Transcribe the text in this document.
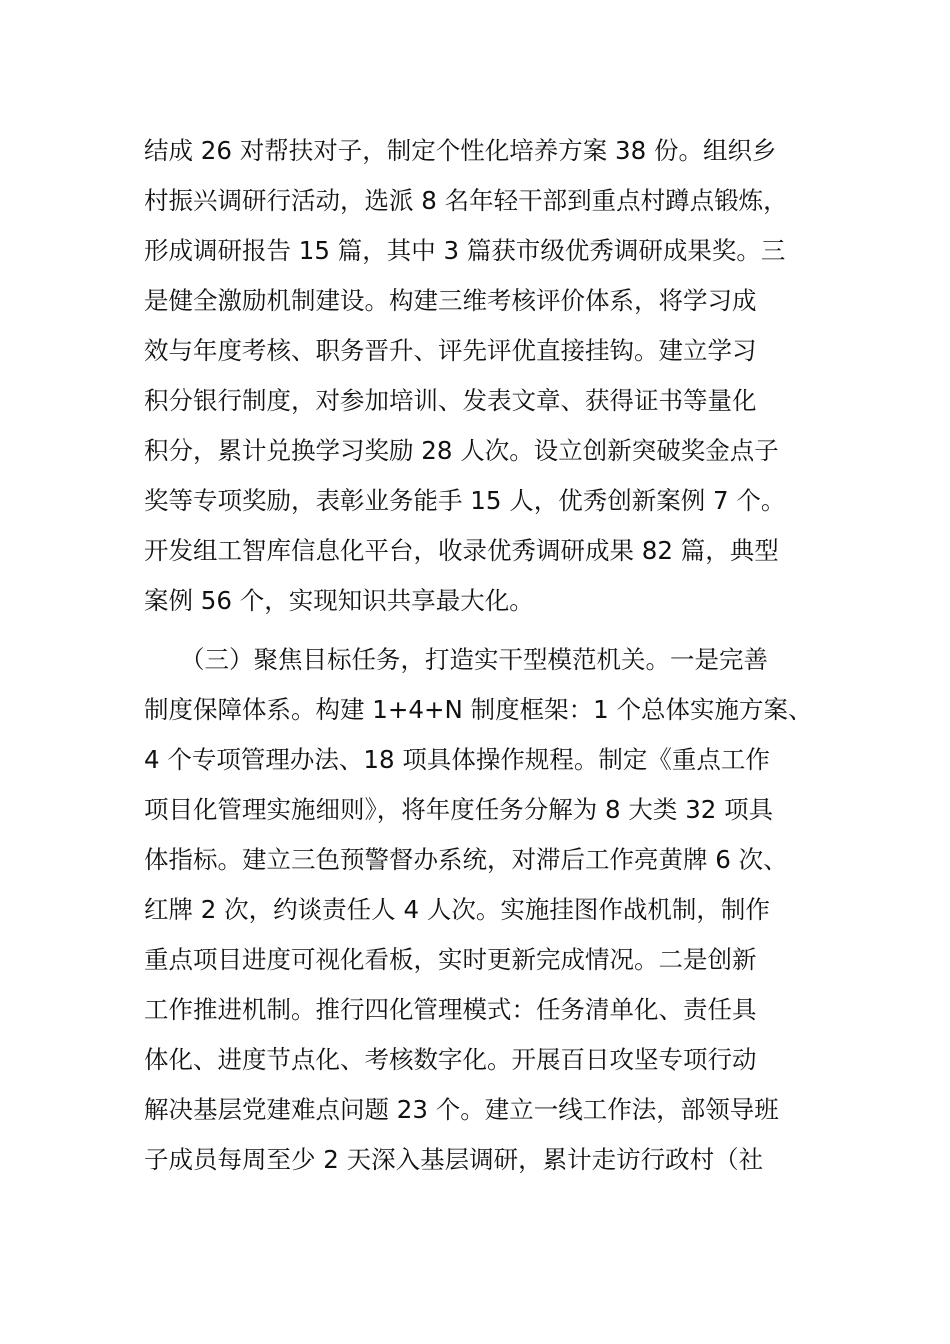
结成 26 对帮扶对子，制定个性化培养方案 38 份。组织乡
村振兴调研行活动，选派 8 名年轻干部到重点村蹲点锻炼，
形成调研报告 15 篇，其中 3 篇获市级优秀调研成果奖。三
是健全激励机制建设。构建三维考核评价体系，将学习成
效与年度考核、职务晋升、评先评优直接挂钩。建立学习
积分银行制度，对参加培训、发表文章、获得证书等量化
积分，累计兑换学习奖励 28 人次。设立创新突破奖金点子
奖等专项奖励，表彰业务能手 15 人，优秀创新案例 7 个。
开发组工智库信息化平台，收录优秀调研成果 82 篇，典型
案例 56 个，实现知识共享最大化。
（三）聚焦目标任务，打造实干型模范机关。一是完善
制度保障体系。构建 1+4+N 制度框架：1 个总体实施方案、
4 个专项管理办法、18 项具体操作规程。制定《重点工作
项目化管理实施细则》，将年度任务分解为 8 大类 32 项具
体指标。建立三色预警督办系统，对滞后工作亮黄牌 6 次、
红牌 2 次，约谈责任人 4 人次。实施挂图作战机制，制作
重点项目进度可视化看板，实时更新完成情况。二是创新
工作推进机制。推行四化管理模式：任务清单化、责任具
体化、进度节点化、考核数字化。开展百日攻坚专项行动
解决基层党建难点问题 23 个。建立一线工作法，部领导班
子成员每周至少 2 天深入基层调研，累计走访行政村（社
